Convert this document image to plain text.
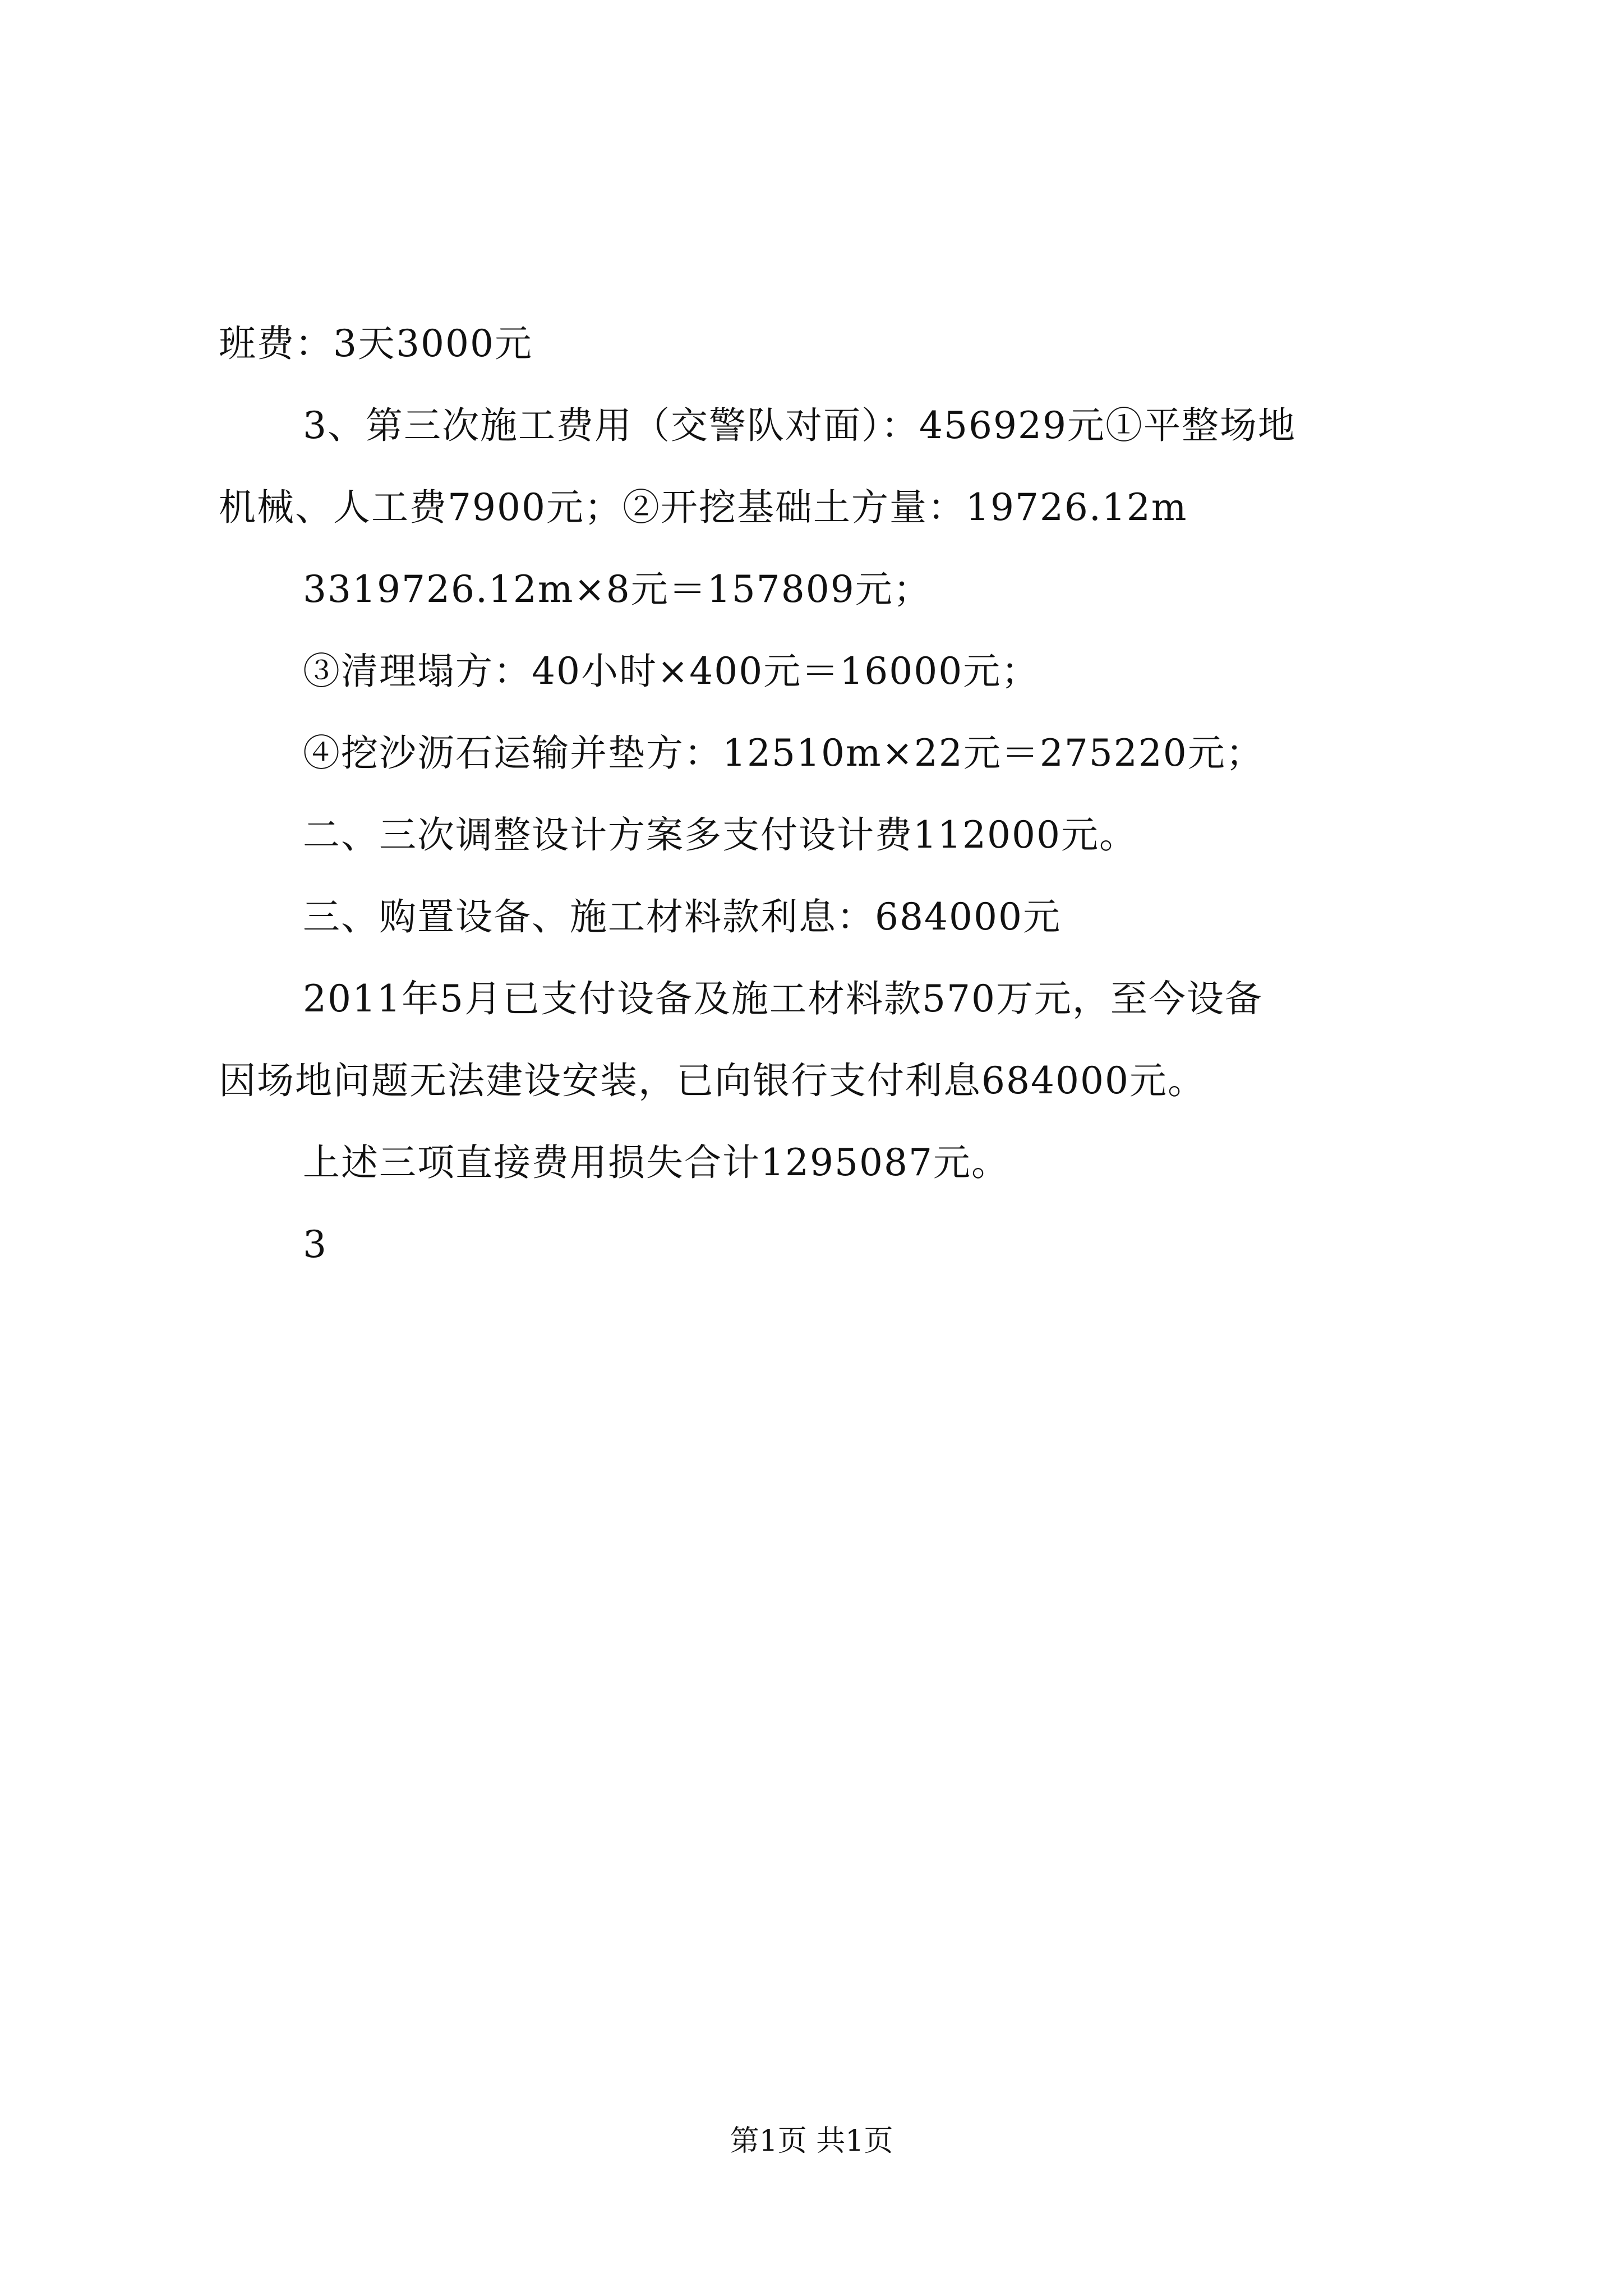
班费：3天3000元
3、第三次施工费用（交警队对面）：456929元①平整场地
机械、人工费7900元；②开挖基础土方量：19726.12m
3319726.12m×8元＝157809元；
③清理塌方：40小时×400元＝16000元；
④挖沙沥石运输并垫方：12510m×22元＝275220元；
二、三次调整设计方案多支付设计费112000元。
三、购置设备、施工材料款利息：684000元
2011年5月已支付设备及施工材料款570万元，至今设备
因场地问题无法建设安装，已向银行支付利息684000元。
上述三项直接费用损失合计1295087元。
3
第1页 共1页
